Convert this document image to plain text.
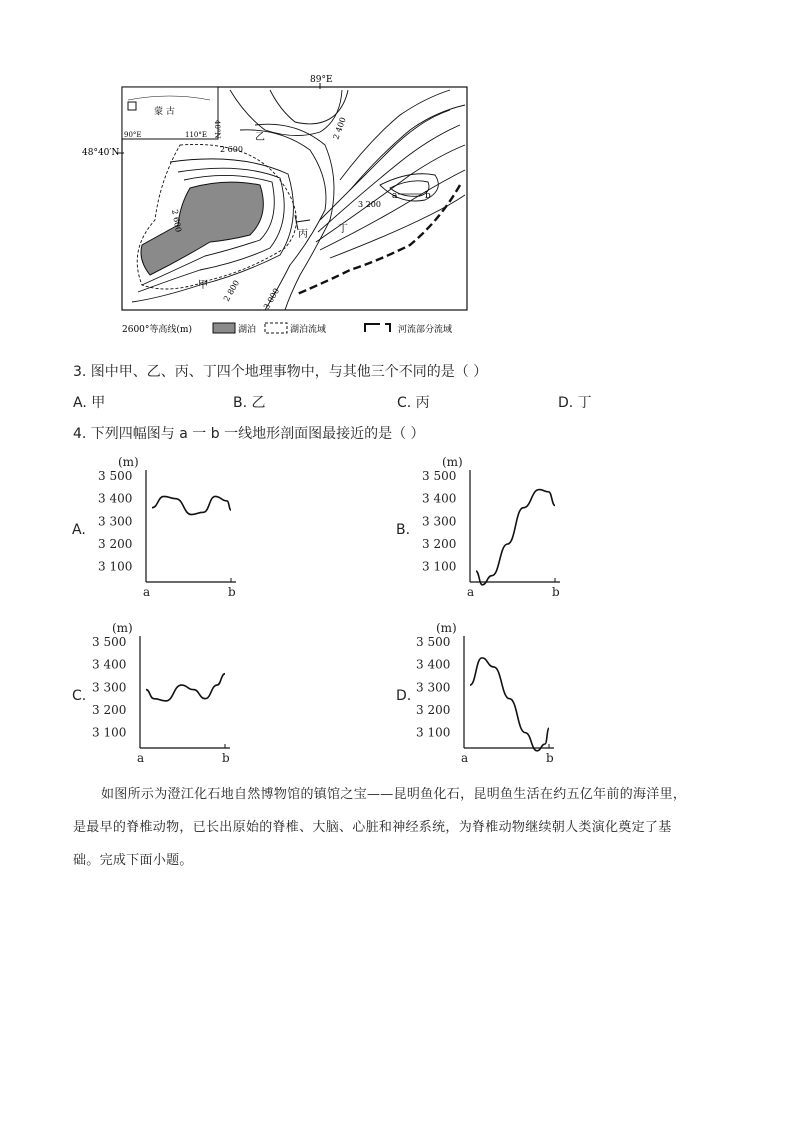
89°E
48°40′N
蒙 古
90°E	110°E 40°N
丙	丁
乙
甲
a	b
2 400
2 600
2 600
2 800	3 000
3 200
2600°等高线(m)	湖泊	湖泊流域	河流部分流域
3. 图中甲、乙、丙、丁四个地理事物中，与其他三个不同的是（ ）
A. 甲	B. 乙	C. 丙	D. 丁
4. 下列四幅图与 a 一 b 一线地形剖面图最接近的是（ ）
A.	B.
C.	D.
(m)
3 500
3 400
3 300
3 200
3 100
a	b
(m)
3 500
3 400
3 300
3 200
3 100
a	b
(m)
3 500
3 400
3 300
3 200
3 100
a	b
(m)
3 500
3 400
3 300
3 200
3 100
a	b
如图所示为澄江化石地自然博物馆的镇馆之宝——昆明鱼化石，昆明鱼生活在约五亿年前的海洋里，
是最早的脊椎动物，已长出原始的脊椎、大脑、心脏和神经系统，为脊椎动物继续朝人类演化奠定了基
础。完成下面小题。
